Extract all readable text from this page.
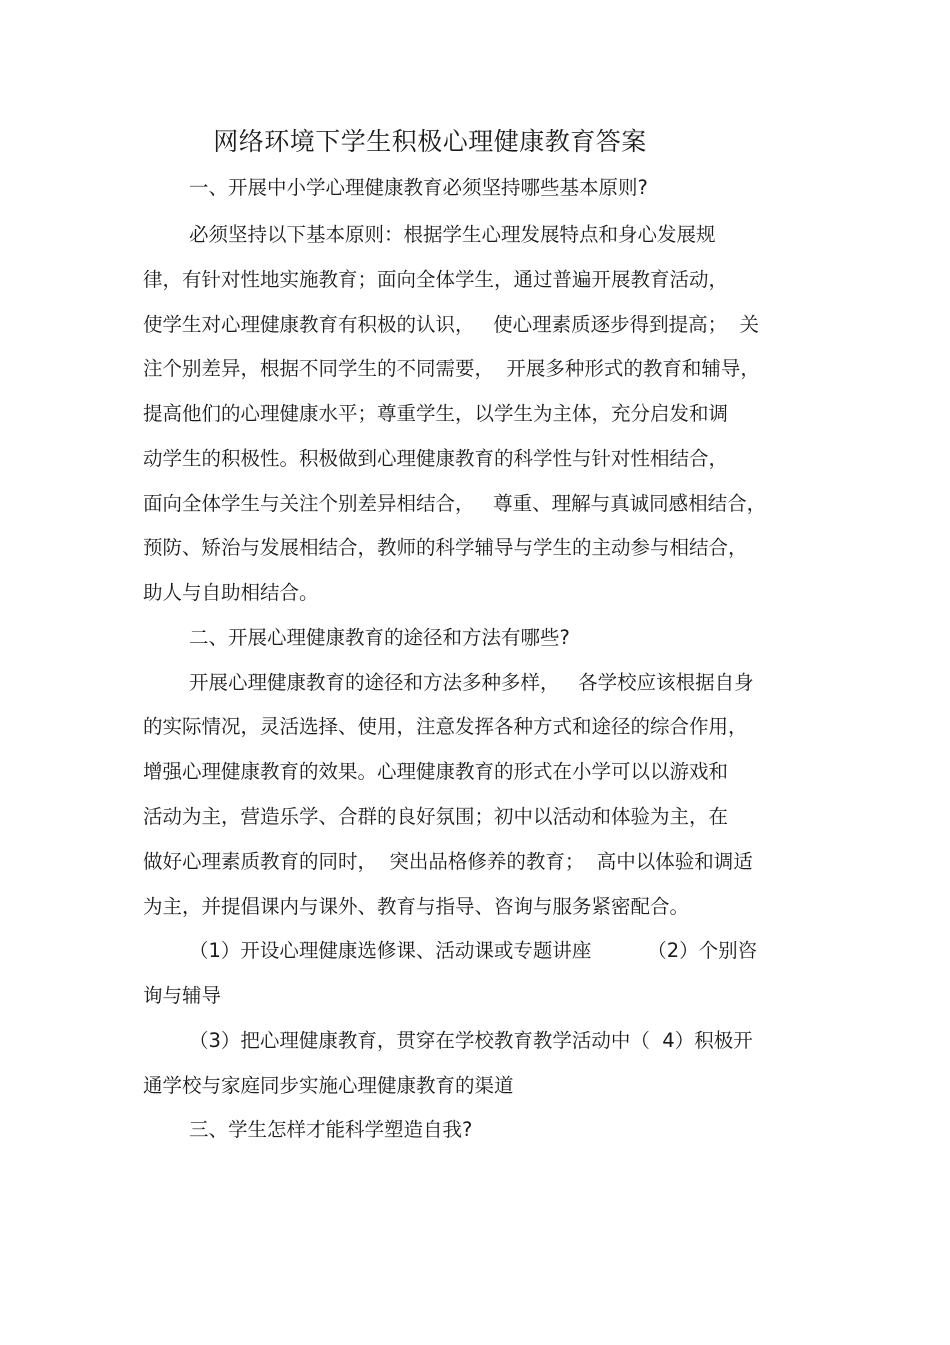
网络环境下学生积极心理健康教育答案

一、开展中小学心理健康教育必须坚持哪些基本原则?

必须坚持以下基本原则：根据学生心理发展特点和身心发展规

律，有针对性地实施教育；面向全体学生，通过普遍开展教育活动，

使学生对心理健康教育有积极的认识，   使心理素质逐步得到提高；  关

注个别差异，根据不同学生的不同需要，  开展多种形式的教育和辅导，

提高他们的心理健康水平；尊重学生，以学生为主体，充分启发和调

动学生的积极性。积极做到心理健康教育的科学性与针对性相结合，

面向全体学生与关注个别差异相结合，   尊重、理解与真诚同感相结合，

预防、矫治与发展相结合，教师的科学辅导与学生的主动参与相结合，

助人与自助相结合。

二、开展心理健康教育的途径和方法有哪些?

开展心理健康教育的途径和方法多种多样，   各学校应该根据自身

的实际情况，灵活选择、使用，注意发挥各种方式和途径的综合作用，

增强心理健康教育的效果。心理健康教育的形式在小学可以以游戏和

活动为主，营造乐学、合群的良好氛围；初中以活动和体验为主，在

做好心理素质教育的同时，  突出品格修养的教育；  高中以体验和调适

为主，并提倡课内与课外、教育与指导、咨询与服务紧密配合。

（1）开设心理健康选修课、活动课或专题讲座         （2）个别咨

询与辅导

（3）把心理健康教育，贯穿在学校教育教学活动中（  4）积极开

通学校与家庭同步实施心理健康教育的渠道

三、学生怎样才能科学塑造自我?
